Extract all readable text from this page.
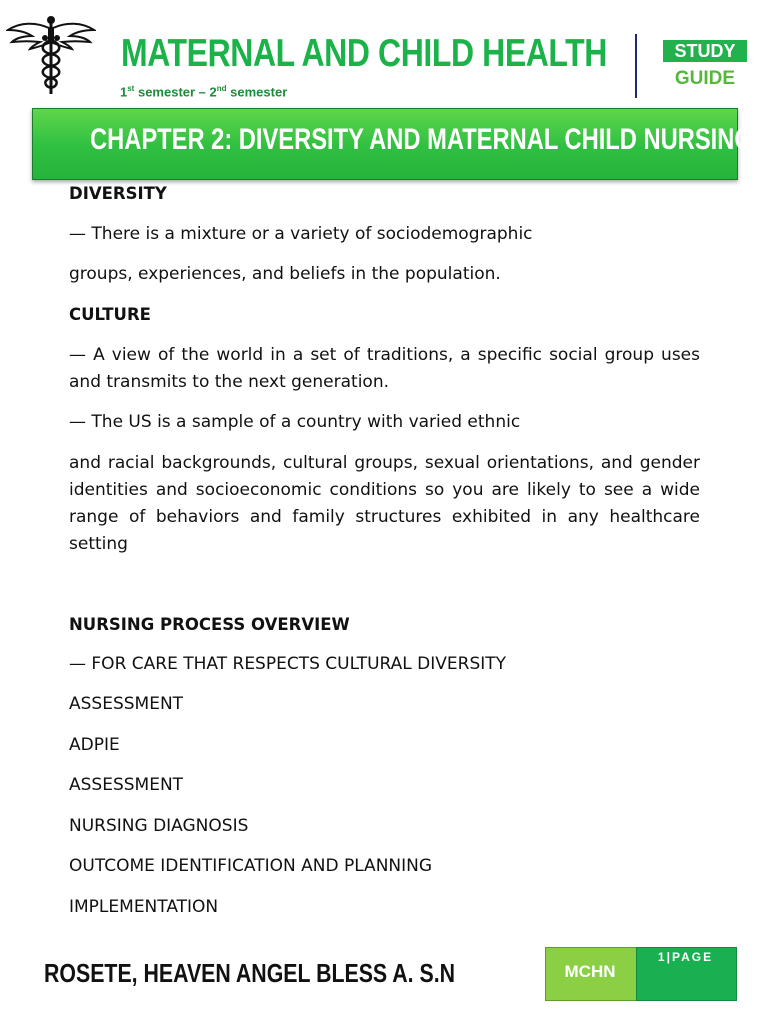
MATERNAL AND CHILD HEALTH
1st semester – 2nd semester
STUDY
GUIDE
CHAPTER 2: DIVERSITY AND MATERNAL CHILD NURSING

DIVERSITY

— There is a mixture or a variety of sociodemographic

groups, experiences, and beliefs in the population.

CULTURE

— A view of the world in a set of traditions, a specific social group uses and transmits to the next generation.

— The US is a sample of a country with varied ethnic

and racial backgrounds, cultural groups, sexual orientations, and gender identities and socioeconomic conditions so you are likely to see a wide range of behaviors and family structures exhibited in any healthcare setting

NURSING PROCESS OVERVIEW

— FOR CARE THAT RESPECTS CULTURAL DIVERSITY

ASSESSMENT

ADPIE

ASSESSMENT

NURSING DIAGNOSIS

OUTCOME IDENTIFICATION AND PLANNING

IMPLEMENTATION

ROSETE, HEAVEN ANGEL BLESS A. S.N	MCHN
1|PAGE
